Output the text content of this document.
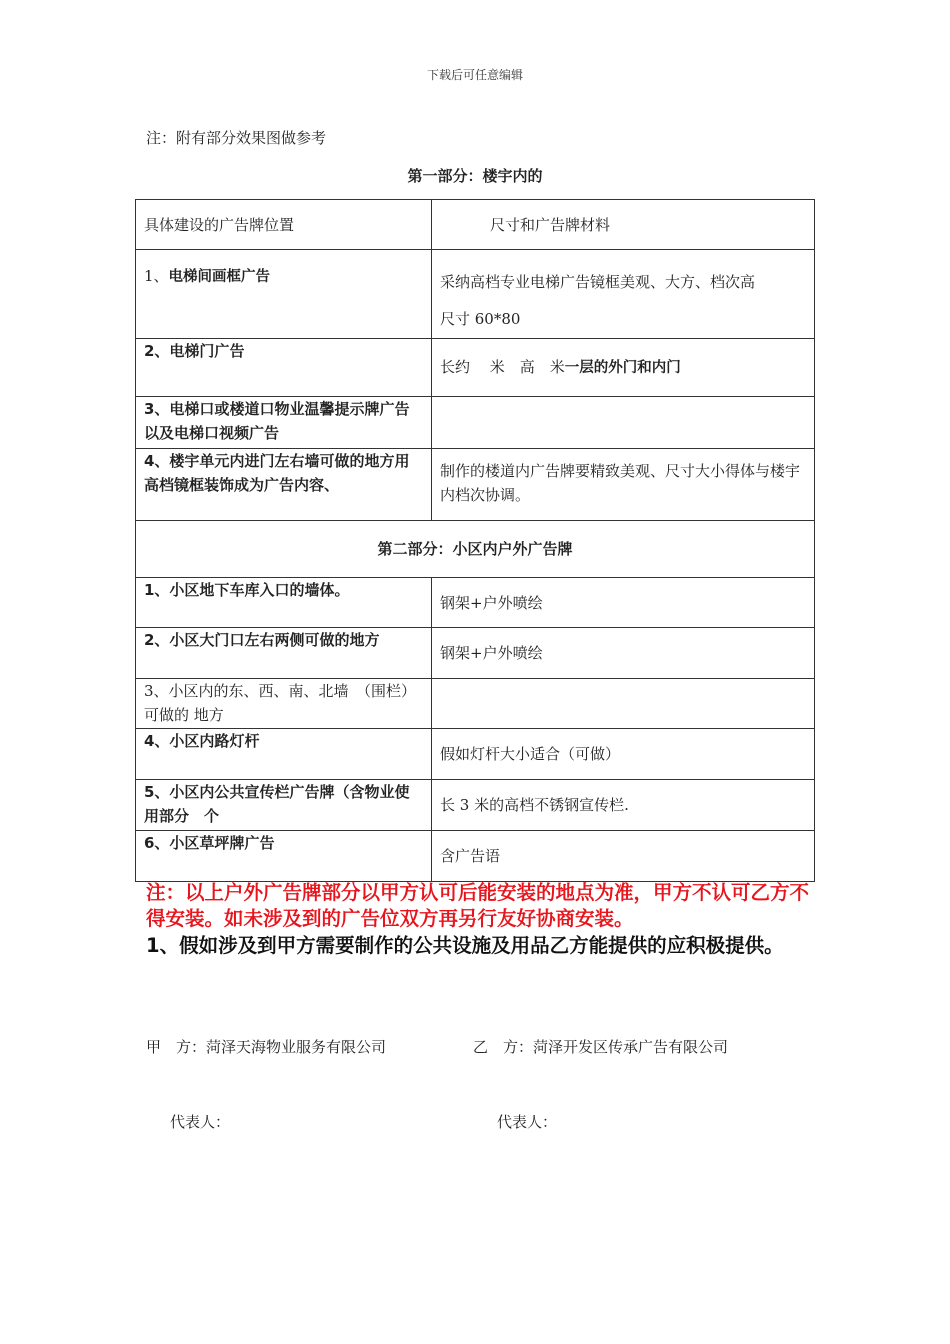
下载后可任意编辑
注：附有部分效果图做参考
第一部分：楼宇内的
具体建设的广告牌位置	尺寸和广告牌材料
1、电梯间画框广告	采纳高档专业电梯广告镜框美观、大方、档次高
尺寸 60*80

2、电梯门广告	长约　 米　高　米一层的外门和内门
3、电梯口或楼道口物业温馨提示牌广告以及电梯口视频广告	
4、楼宇单元内进门左右墙可做的地方用高档镜框装饰成为广告内容、	制作的楼道内广告牌要精致美观、尺寸大小得体与楼宇内档次协调。
第二部分：小区内户外广告牌	
1、小区地下车库入口的墙体。	钢架+户外喷绘
2、小区大门口左右两侧可做的地方	钢架+户外喷绘
3、小区内的东、西、南、北墙　（围栏）可做的 地方	
4、小区内路灯杆	假如灯杆大小适合（可做）
5、小区内公共宣传栏广告牌（含物业使用部分　个	长 3 米的高档不锈钢宣传栏.
6、小区草坪牌广告	含广告语
注：以上户外广告牌部分以甲方认可后能安装的地点为准，甲方不认可乙方不得安装。如未涉及到的广告位双方再另行友好协商安装。
1、假如涉及到甲方需要制作的公共设施及用品乙方能提供的应积极提供。
甲　方：菏泽天海物业服务有限公司	乙　方：菏泽开发区传承广告有限公司
代表人：	代表人：
